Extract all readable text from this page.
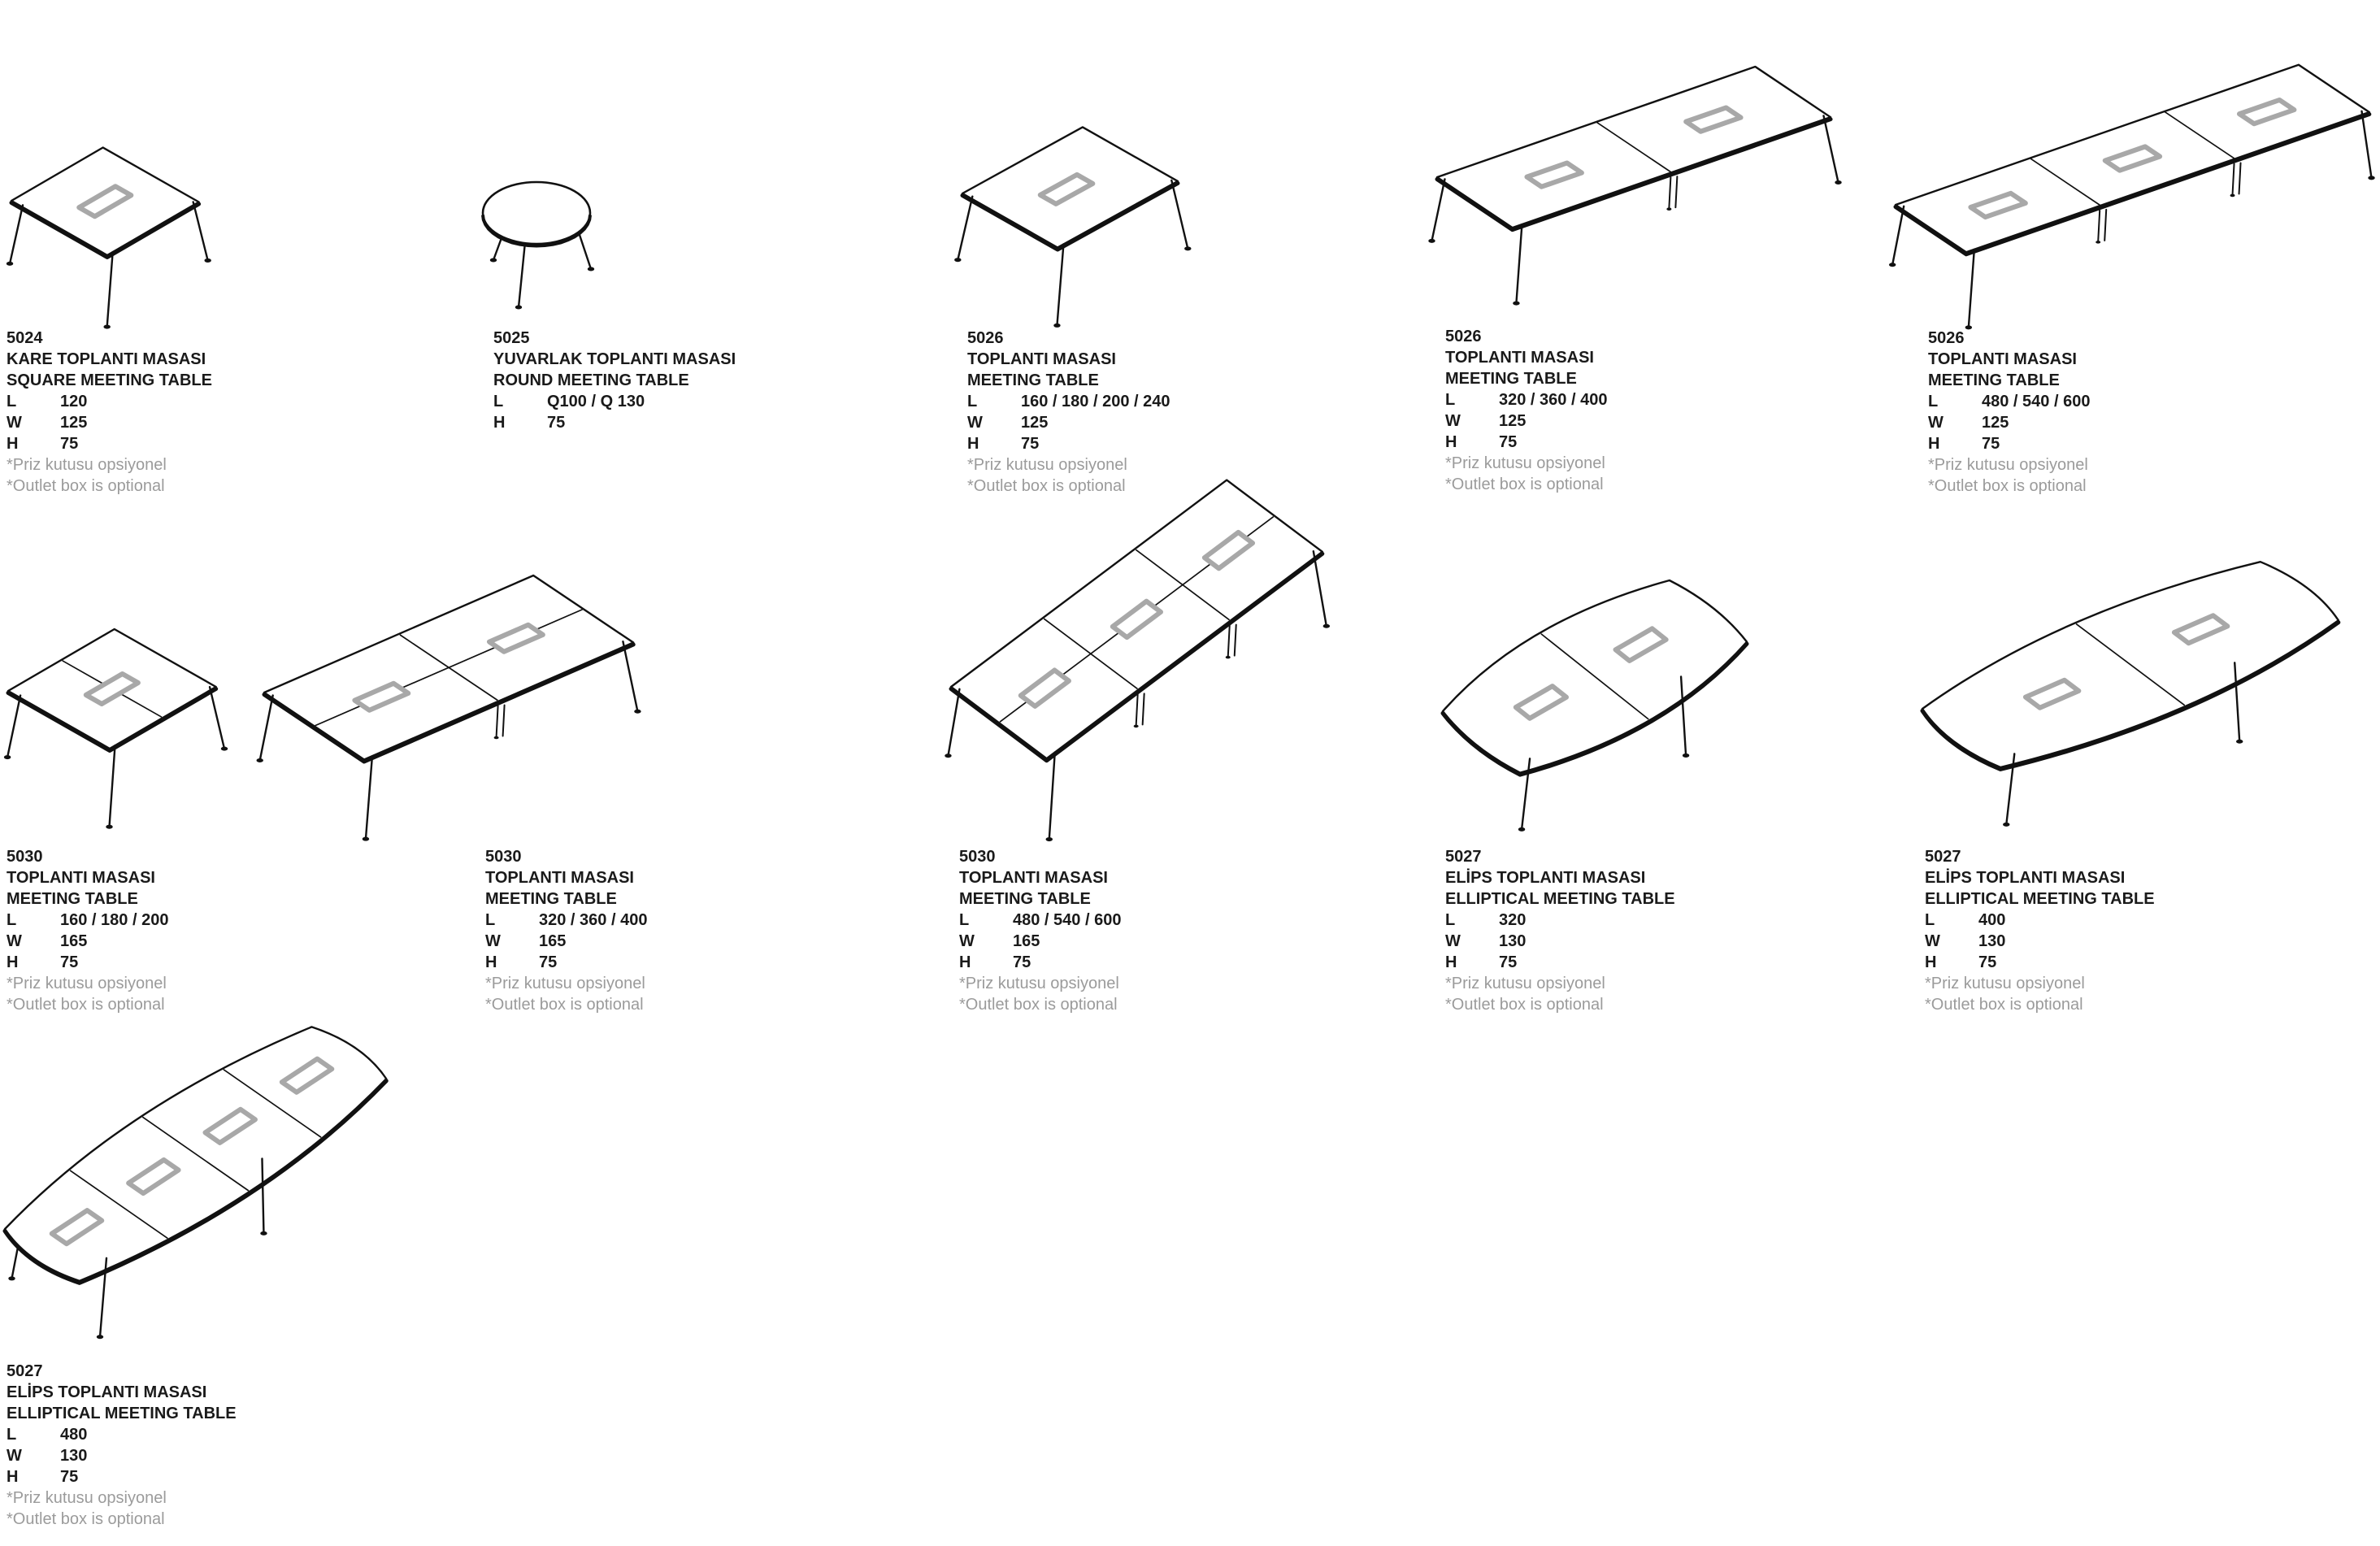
5024
KARE TOPLANTI MASASI
SQUARE MEETING TABLE
L	120
W	125
H	75
*Priz kutusu opsiyonel
*Outlet box is optional
5025
YUVARLAK TOPLANTI MASASI
ROUND MEETING TABLE
L	Q100 / Q 130
H	75
5026
TOPLANTI MASASI
MEETING TABLE
L	160 / 180 / 200 / 240
W	125
H	75
*Priz kutusu opsiyonel
*Outlet box is optional
5026
TOPLANTI MASASI
MEETING TABLE
L	320 / 360 / 400
W	125
H	75
*Priz kutusu opsiyonel
*Outlet box is optional
5026
TOPLANTI MASASI
MEETING TABLE
L	480 / 540 / 600
W	125
H	75
*Priz kutusu opsiyonel
*Outlet box is optional
5030
TOPLANTI MASASI
MEETING TABLE
L	160 / 180 / 200
W	165
H	75
*Priz kutusu opsiyonel
*Outlet box is optional
5030
TOPLANTI MASASI
MEETING TABLE
L	320 / 360 / 400
W	165
H	75
*Priz kutusu opsiyonel
*Outlet box is optional
5030
TOPLANTI MASASI
MEETING TABLE
L	480 / 540 / 600
W	165
H	75
*Priz kutusu opsiyonel
*Outlet box is optional
5027
ELİPS TOPLANTI MASASI
ELLIPTICAL MEETING TABLE
L	320
W	130
H	75
*Priz kutusu opsiyonel
*Outlet box is optional
5027
ELİPS TOPLANTI MASASI
ELLIPTICAL MEETING TABLE
L	400
W	130
H	75
*Priz kutusu opsiyonel
*Outlet box is optional
5027
ELİPS TOPLANTI MASASI
ELLIPTICAL MEETING TABLE
L	480
W	130
H	75
*Priz kutusu opsiyonel
*Outlet box is optional
